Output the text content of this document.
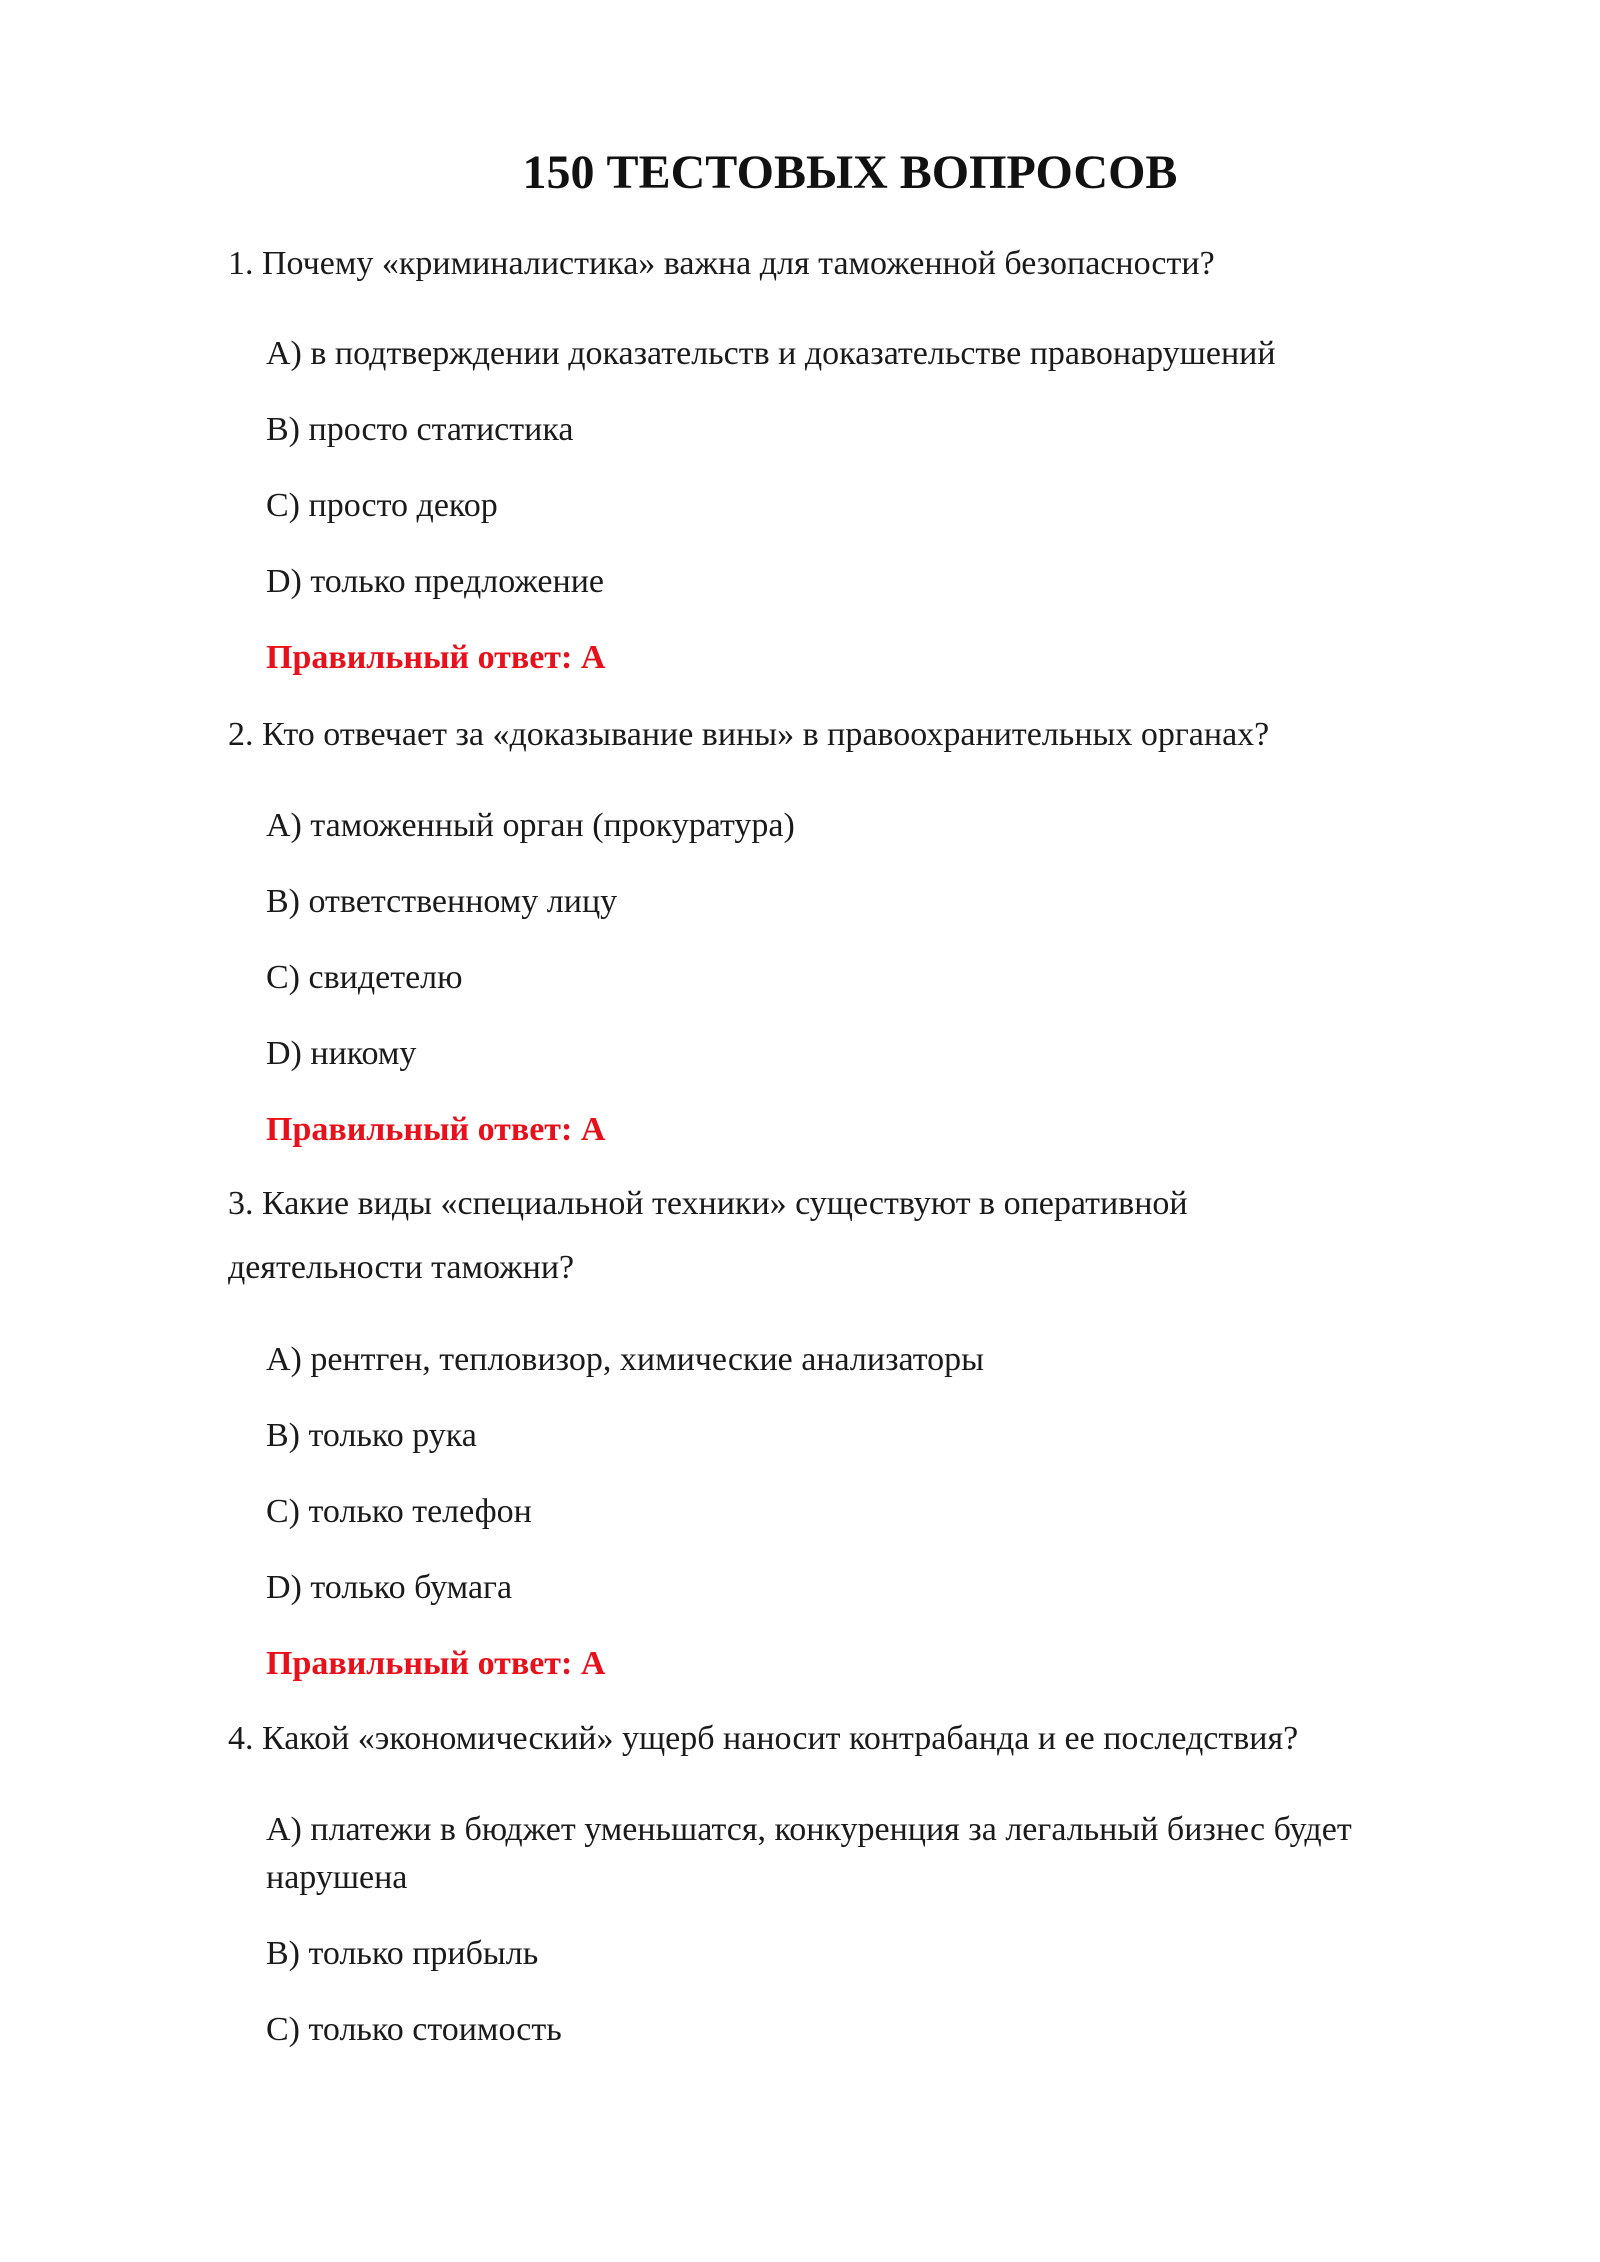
150 ТЕСТОВЫХ ВОПРОСОВ

1. Почему «криминалистика» важна для таможенной безопасности?

A) в подтверждении доказательств и доказательстве правонарушений

B) просто статистика

C) просто декор

D) только предложение

Правильный ответ: A

2. Кто отвечает за «доказывание вины» в правоохранительных органах?

A) таможенный орган (прокуратура)

B) ответственному лицу

C) свидетелю

D) никому

Правильный ответ: A

3. Какие виды «специальной техники» существуют в оперативной

деятельности таможни?

A) рентген, тепловизор, химические анализаторы

B) только рука

C) только телефон

D) только бумага

Правильный ответ: A

4. Какой «экономический» ущерб наносит контрабанда и ее последствия?

A) платежи в бюджет уменьшатся, конкуренция за легальный бизнес будет нарушена

B) только прибыль

C) только стоимость
